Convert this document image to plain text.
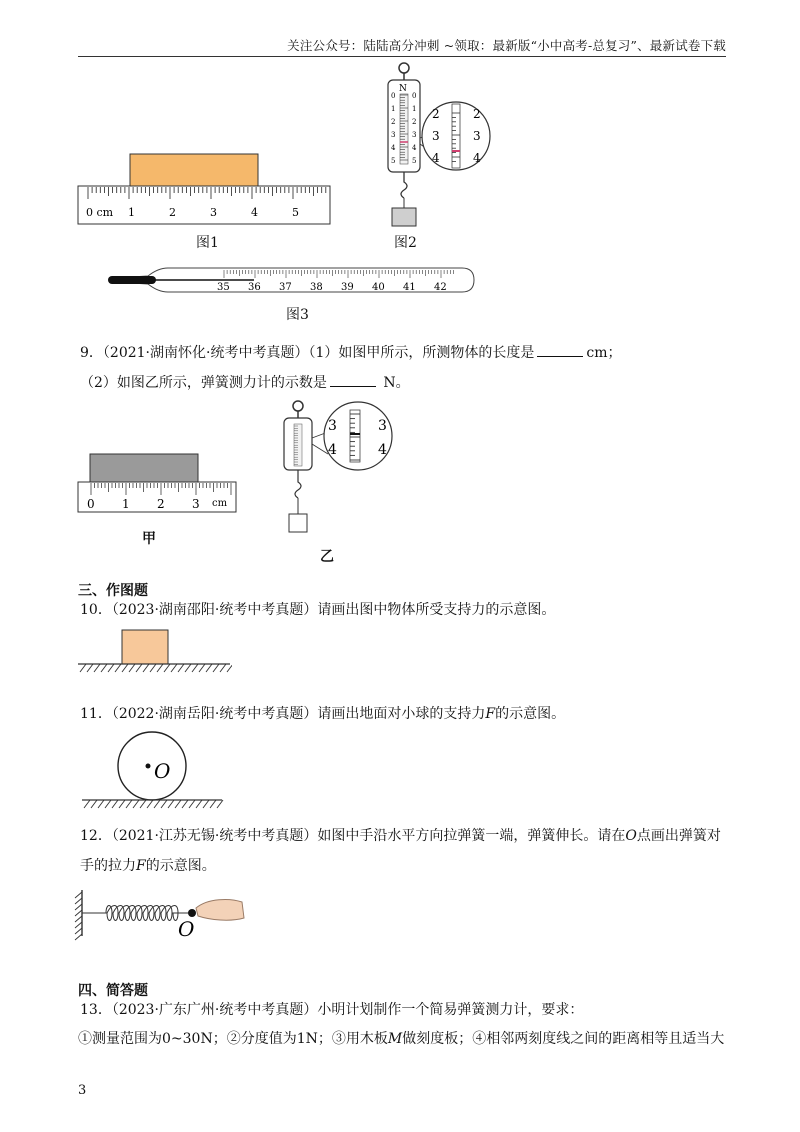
关注公众号：陆陆高分冲刺 ~领取：最新版“小中高考-总复习”、最新试卷下载
0 cm 1	2	3	4	5
图1
N
0
1
2
3
4
5
0
1
2
3
4
5
2
3
4
2
3
4
图2
35 36 37 38 39 40 41 42
图3
9．（2021·湖南怀化·统考中考真题）（1）如图甲所示，所测物体的长度是	cm；
（2）如图乙所示，弹簧测力计的示数是	N。
0 1 2 3 cm
甲
3
4
3
4
乙
三、作图题
10．（2023·湖南邵阳·统考中考真题）请画出图中物体所受支持力的示意图。
11．（2022·湖南岳阳·统考中考真题）请画出地面对小球的支持力F的示意图。
O
12．（2021·江苏无锡·统考中考真题）如图中手沿水平方向拉弹簧一端，弹簧伸长。请在O点画出弹簧对
手的拉力F的示意图。
O
四、简答题
13．（2023·广东广州·统考中考真题）小明计划制作一个简易弹簧测力计，要求：
①测量范围为0~30N；②分度值为1N；③用木板M做刻度板；④相邻两刻度线之间的距离相等且适当大
3
